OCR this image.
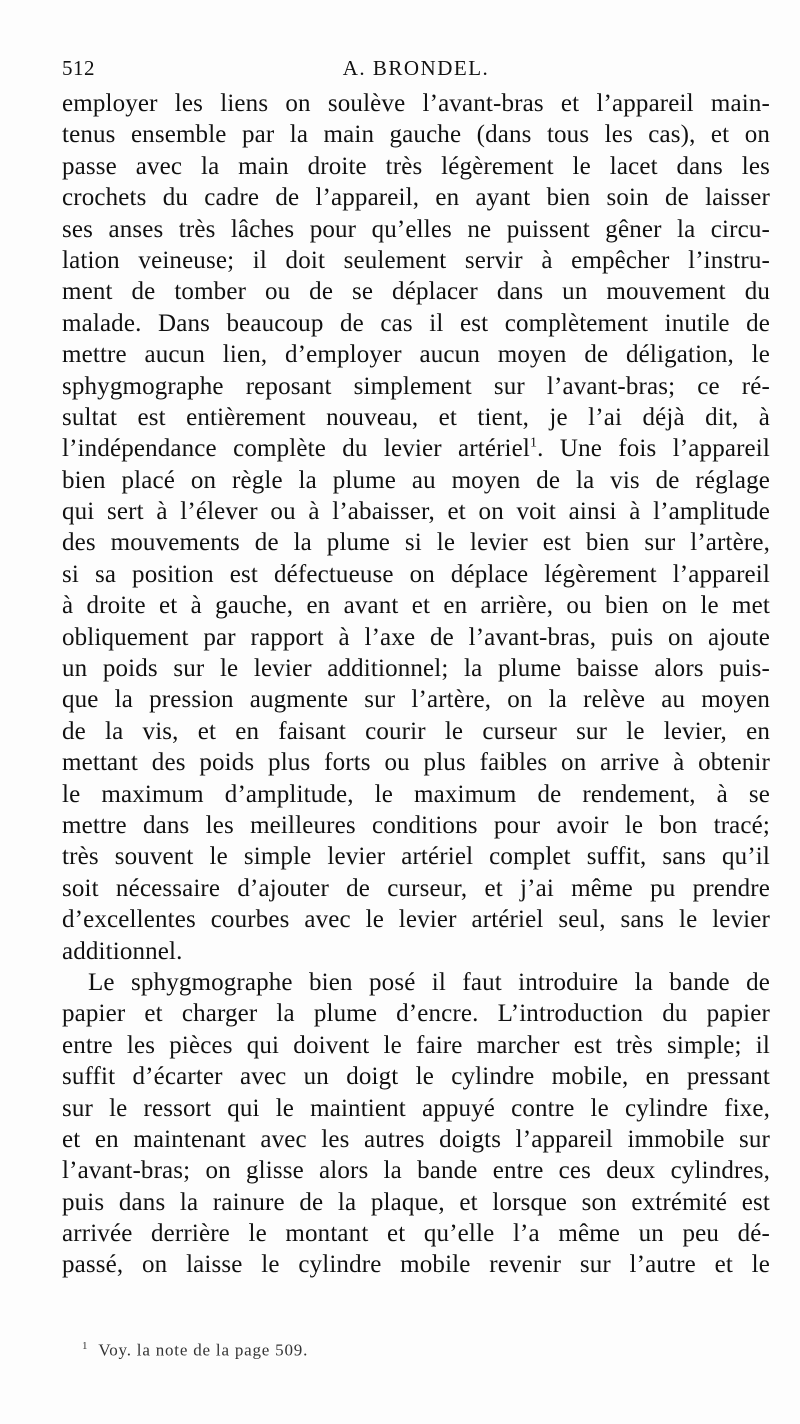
512	A. BRONDEL.
employer les liens on soulève l’avant-bras et l’appareil main-
tenus ensemble par la main gauche (dans tous les cas), et on
passe avec la main droite très légèrement le lacet dans les
crochets du cadre de l’appareil, en ayant bien soin de laisser
ses anses très lâches pour qu’elles ne puissent gêner la circu-
lation veineuse; il doit seulement servir à empêcher l’instru-
ment de tomber ou de se déplacer dans un mouvement du
malade. Dans beaucoup de cas il est complètement inutile de
mettre aucun lien, d’employer aucun moyen de déligation, le
sphygmographe reposant simplement sur l’avant-bras; ce ré-
sultat est entièrement nouveau, et tient, je l’ai déjà dit, à
l’indépendance complète du levier artériel$^1$. Une fois l’appareil
bien placé on règle la plume au moyen de la vis de réglage
qui sert à l’élever ou à l’abaisser, et on voit ainsi à l’amplitude
des mouvements de la plume si le levier est bien sur l’artère,
si sa position est défectueuse on déplace légèrement l’appareil
à droite et à gauche, en avant et en arrière, ou bien on le met
obliquement par rapport à l’axe de l’avant-bras, puis on ajoute
un poids sur le levier additionnel; la plume baisse alors puis-
que la pression augmente sur l’artère, on la relève au moyen
de la vis, et en faisant courir le curseur sur le levier, en
mettant des poids plus forts ou plus faibles on arrive à obtenir
le maximum d’amplitude, le maximum de rendement, à se
mettre dans les meilleures conditions pour avoir le bon tracé;
très souvent le simple levier artériel complet suffit, sans qu’il
soit nécessaire d’ajouter de curseur, et j’ai même pu prendre
d’excellentes courbes avec le levier artériel seul, sans le levier
additionnel.
Le sphygmographe bien posé il faut introduire la bande de
papier et charger la plume d’encre. L’introduction du papier
entre les pièces qui doivent le faire marcher est très simple; il
suffit d’écarter avec un doigt le cylindre mobile, en pressant
sur le ressort qui le maintient appuyé contre le cylindre fixe,
et en maintenant avec les autres doigts l’appareil immobile sur
l’avant-bras; on glisse alors la bande entre ces deux cylindres,
puis dans la rainure de la plaque, et lorsque son extrémité est
arrivée derrière le montant et qu’elle l’a même un peu dé-
passé, on laisse le cylindre mobile revenir sur l’autre et le
$^1$ Voy. la note de la page 509.
